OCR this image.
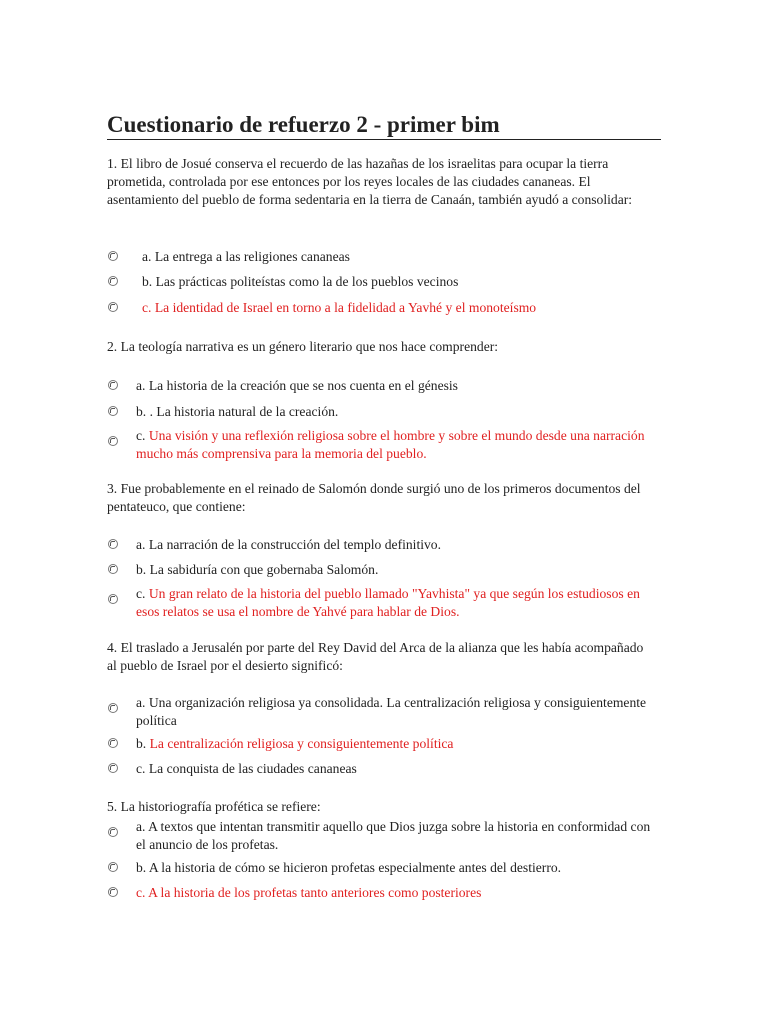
Cuestionario de refuerzo 2 - primer bim
1. El libro de Josué conserva el recuerdo de las hazañas de los israelitas para ocupar la tierra prometida, controlada por ese entonces por los reyes locales de las ciudades cananeas. El asentamiento del pueblo de forma sedentaria en la tierra de Canaán, también ayudó a consolidar:
a. La entrega a las religiones cananeas
b. Las prácticas politeístas como la de los pueblos vecinos
c. La identidad de Israel en torno a la fidelidad a Yavhé y el monoteísmo
2. La teología narrativa es un género literario que nos hace comprender:
a. La historia de la creación que se nos cuenta en el génesis
b. . La historia natural de la creación.
c. Una visión y una reflexión religiosa sobre el hombre y sobre el mundo desde una narración mucho más comprensiva para la memoria del pueblo.
3. Fue probablemente en el reinado de Salomón donde surgió uno de los primeros documentos del pentateuco, que contiene:
a. La narración de la construcción del templo definitivo.
b. La sabiduría con que gobernaba Salomón.
c. Un gran relato de la historia del pueblo llamado "Yavhista" ya que según los estudiosos en esos relatos se usa el nombre de Yahvé para hablar de Dios.
4. El traslado a Jerusalén por parte del Rey David del Arca de la alianza que les había acompañado al pueblo de Israel por el desierto significó:
a. Una organización religiosa ya consolidada. La centralización religiosa y consiguientemente política
b. La centralización religiosa y consiguientemente política
c. La conquista de las ciudades cananeas
5. La historiografía profética se refiere:
a. A textos que intentan transmitir aquello que Dios juzga sobre la historia en conformidad con el anuncio de los profetas.
b. A la historia de cómo se hicieron profetas especialmente antes del destierro.
c. A la historia de los profetas tanto anteriores como posteriores
